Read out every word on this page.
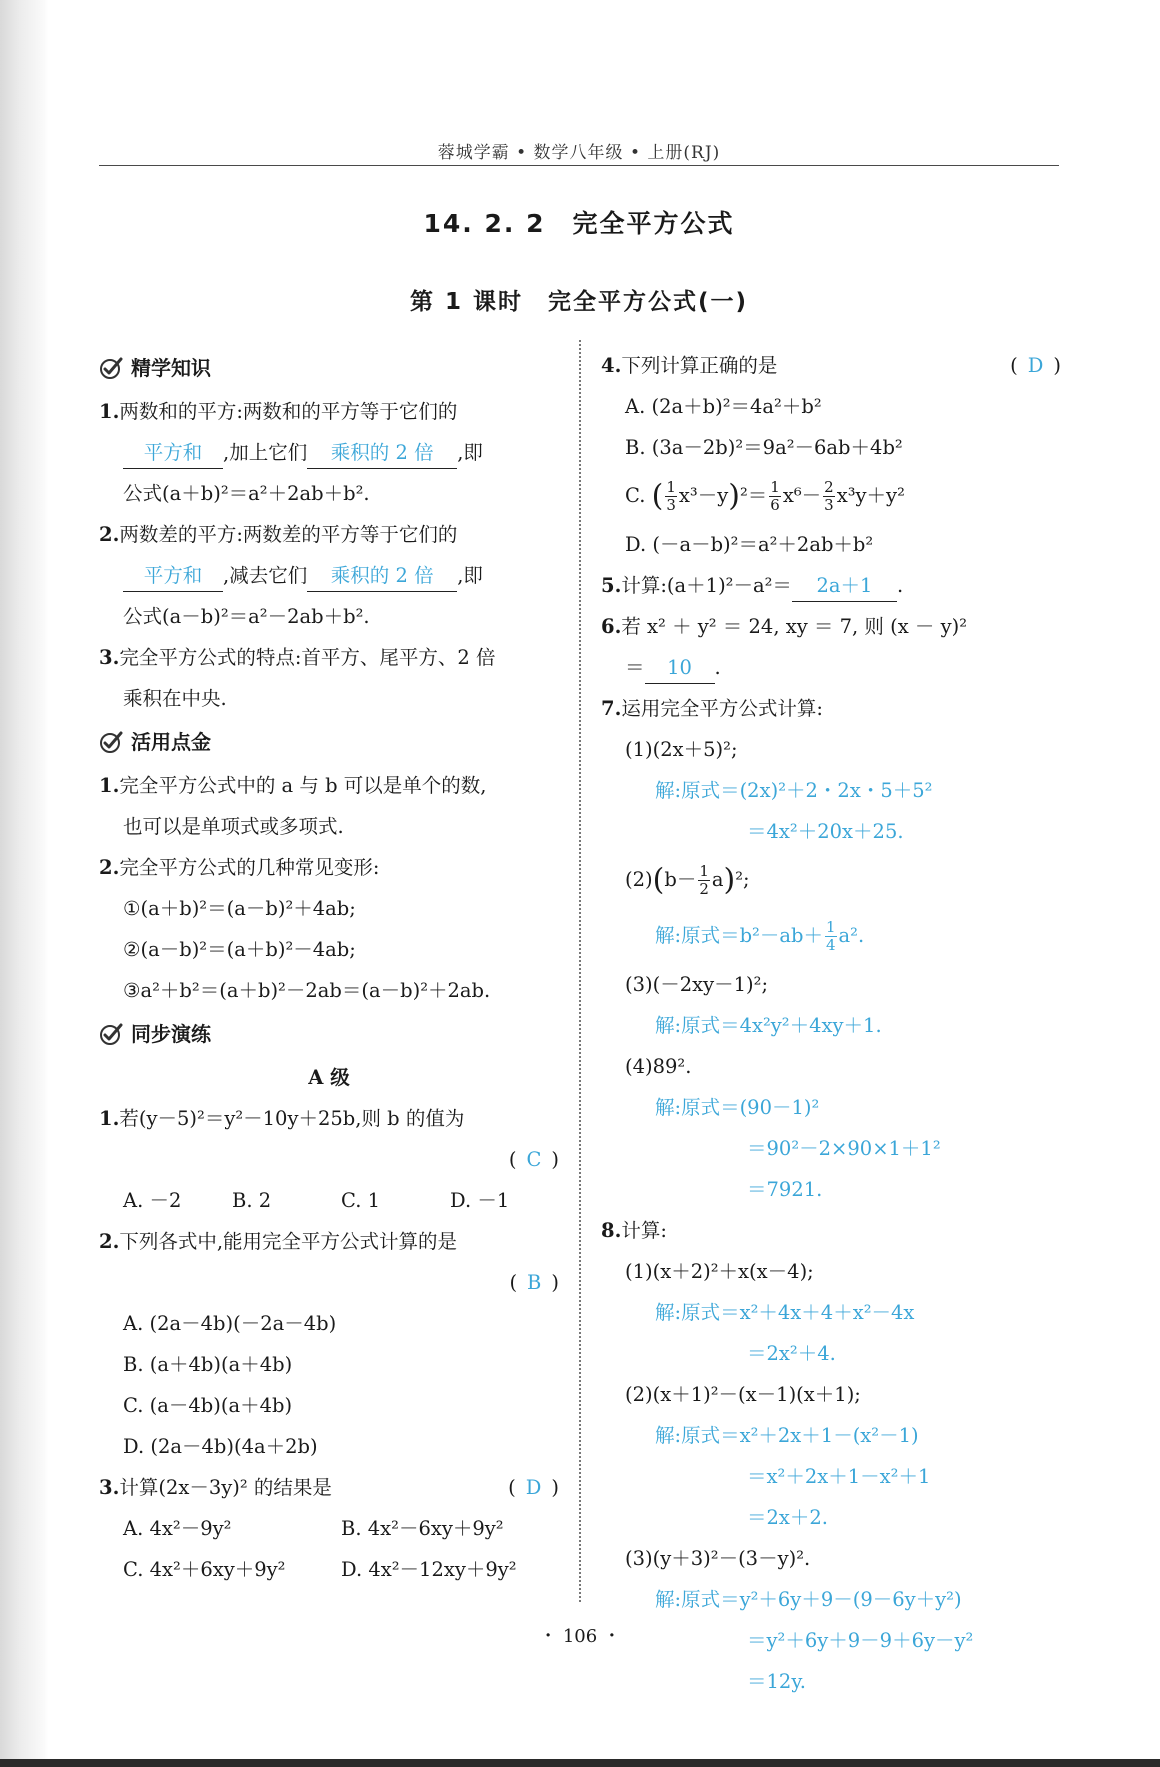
蓉城学霸 • 数学八年级 • 上册(RJ)
14. 2. 2　完全平方公式
第 1 课时　完全平方公式(一)
精学知识
1.两数和的平方:两数和的平方等于它们的
平方和 ,加上它们 乘积的 2 倍 ,即
公式(a＋b)²＝a²＋2ab＋b².
2.两数差的平方:两数差的平方等于它们的
平方和 ,减去它们 乘积的 2 倍 ,即
公式(a－b)²＝a²－2ab＋b².
3.完全平方公式的特点:首平方、尾平方、2 倍
乘积在中央.
活用点金
1.完全平方公式中的 a 与 b 可以是单个的数,
也可以是单项式或多项式.
2.完全平方公式的几种常见变形:
①(a＋b)²＝(a－b)²＋4ab;
②(a－b)²＝(a＋b)²－4ab;
③a²＋b²＝(a＋b)²－2ab＝(a－b)²＋2ab.
同步演练
A 级
1.若(y－5)²＝y²－10y＋25b,则 b 的值为
( C )
A. －2	B. 2	C. 1	D. －1
2.下列各式中,能用完全平方公式计算的是
( B )
A. (2a－4b)(－2a－4b)
B. (a＋4b)(a＋4b)
C. (a－4b)(a＋4b)
D. (2a－4b)(4a＋2b)
3.计算(2x－3y)² 的结果是	( D )
A. 4x²－9y²	B. 4x²－6xy＋9y²
C. 4x²＋6xy＋9y²	D. 4x²－12xy＋9y²
4.下列计算正确的是	( D )
A. (2a＋b)²＝4a²＋b²
B. (3a－2b)²＝9a²－6ab＋4b²
C. ( $\frac{1}{3} x^3-y)^2= \frac{1}{6} x^6- \frac{2}{3} x^3y+y^2$
D. (－a－b)²＝a²＋2ab＋b²
5.计算:(a＋1)²－a²＝ 2a＋1 .
6.若 x² ＋ y² ＝ 24, xy ＝ 7, 则 (x － y)²
＝ 10 .
7.运用完全平方公式计算:
(1)(2x＋5)²;
解:原式＝(2x)²＋2・2x・5＋5²
＝4x²＋20x＋25.
$(2)(b- \frac{1}{2} a)^2$;
解:原式$=b^2-ab+ \frac{1}{4} a^2$.
(3)(－2xy－1)²;
解:原式＝4x²y²＋4xy＋1.
(4)89².
解:原式＝(90－1)²
＝90²－2×90×1＋1²
＝7921.
8.计算:
(1)(x＋2)²＋x(x－4);
解:原式＝x²＋4x＋4＋x²－4x
＝2x²＋4.
(2)(x＋1)²－(x－1)(x＋1);
解:原式＝x²＋2x＋1－(x²－1)
＝x²＋2x＋1－x²＋1
＝2x＋2.
(3)(y＋3)²－(3－y)².
解:原式＝y²＋6y＋9－(9－6y＋y²)
＝y²＋6y＋9－9＋6y－y²
＝12y.
・ 106 ・
